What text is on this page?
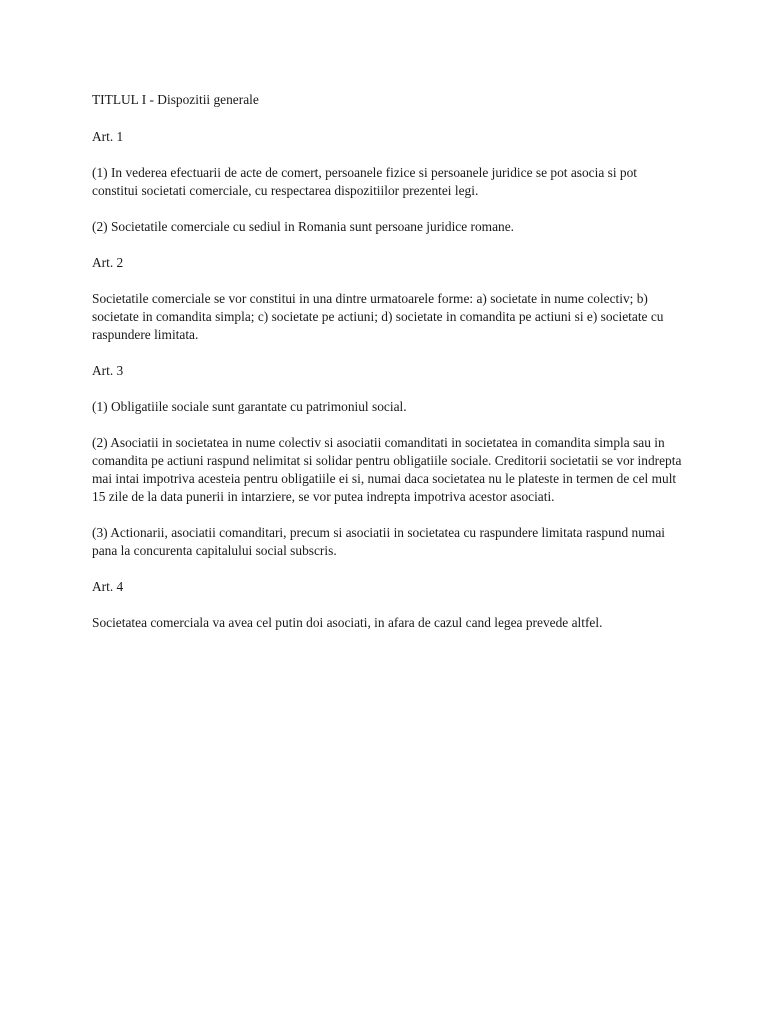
TITLUL I - Dispozitii generale

Art. 1

(1) In vederea efectuarii de acte de comert, persoanele fizice si persoanele juridice se pot asocia si pot constitui societati comerciale, cu respectarea dispozitiilor prezentei legi.

(2) Societatile comerciale cu sediul in Romania sunt persoane juridice romane.

Art. 2

Societatile comerciale se vor constitui in una dintre urmatoarele forme: a) societate in nume colectiv; b) societate in comandita simpla; c) societate pe actiuni; d) societate in comandita pe actiuni si e) societate cu raspundere limitata.

Art. 3

(1) Obligatiile sociale sunt garantate cu patrimoniul social.

(2) Asociatii in societatea in nume colectiv si asociatii comanditati in societatea in comandita simpla sau in comandita pe actiuni raspund nelimitat si solidar pentru obligatiile sociale. Creditorii societatii se vor indrepta mai intai impotriva acesteia pentru obligatiile ei si, numai daca societatea nu le plateste in termen de cel mult 15 zile de la data punerii in intarziere, se vor putea indrepta impotriva acestor asociati.

(3) Actionarii, asociatii comanditari, precum si asociatii in societatea cu raspundere limitata raspund numai pana la concurenta capitalului social subscris.

Art. 4

Societatea comerciala va avea cel putin doi asociati, in afara de cazul cand legea prevede altfel.
